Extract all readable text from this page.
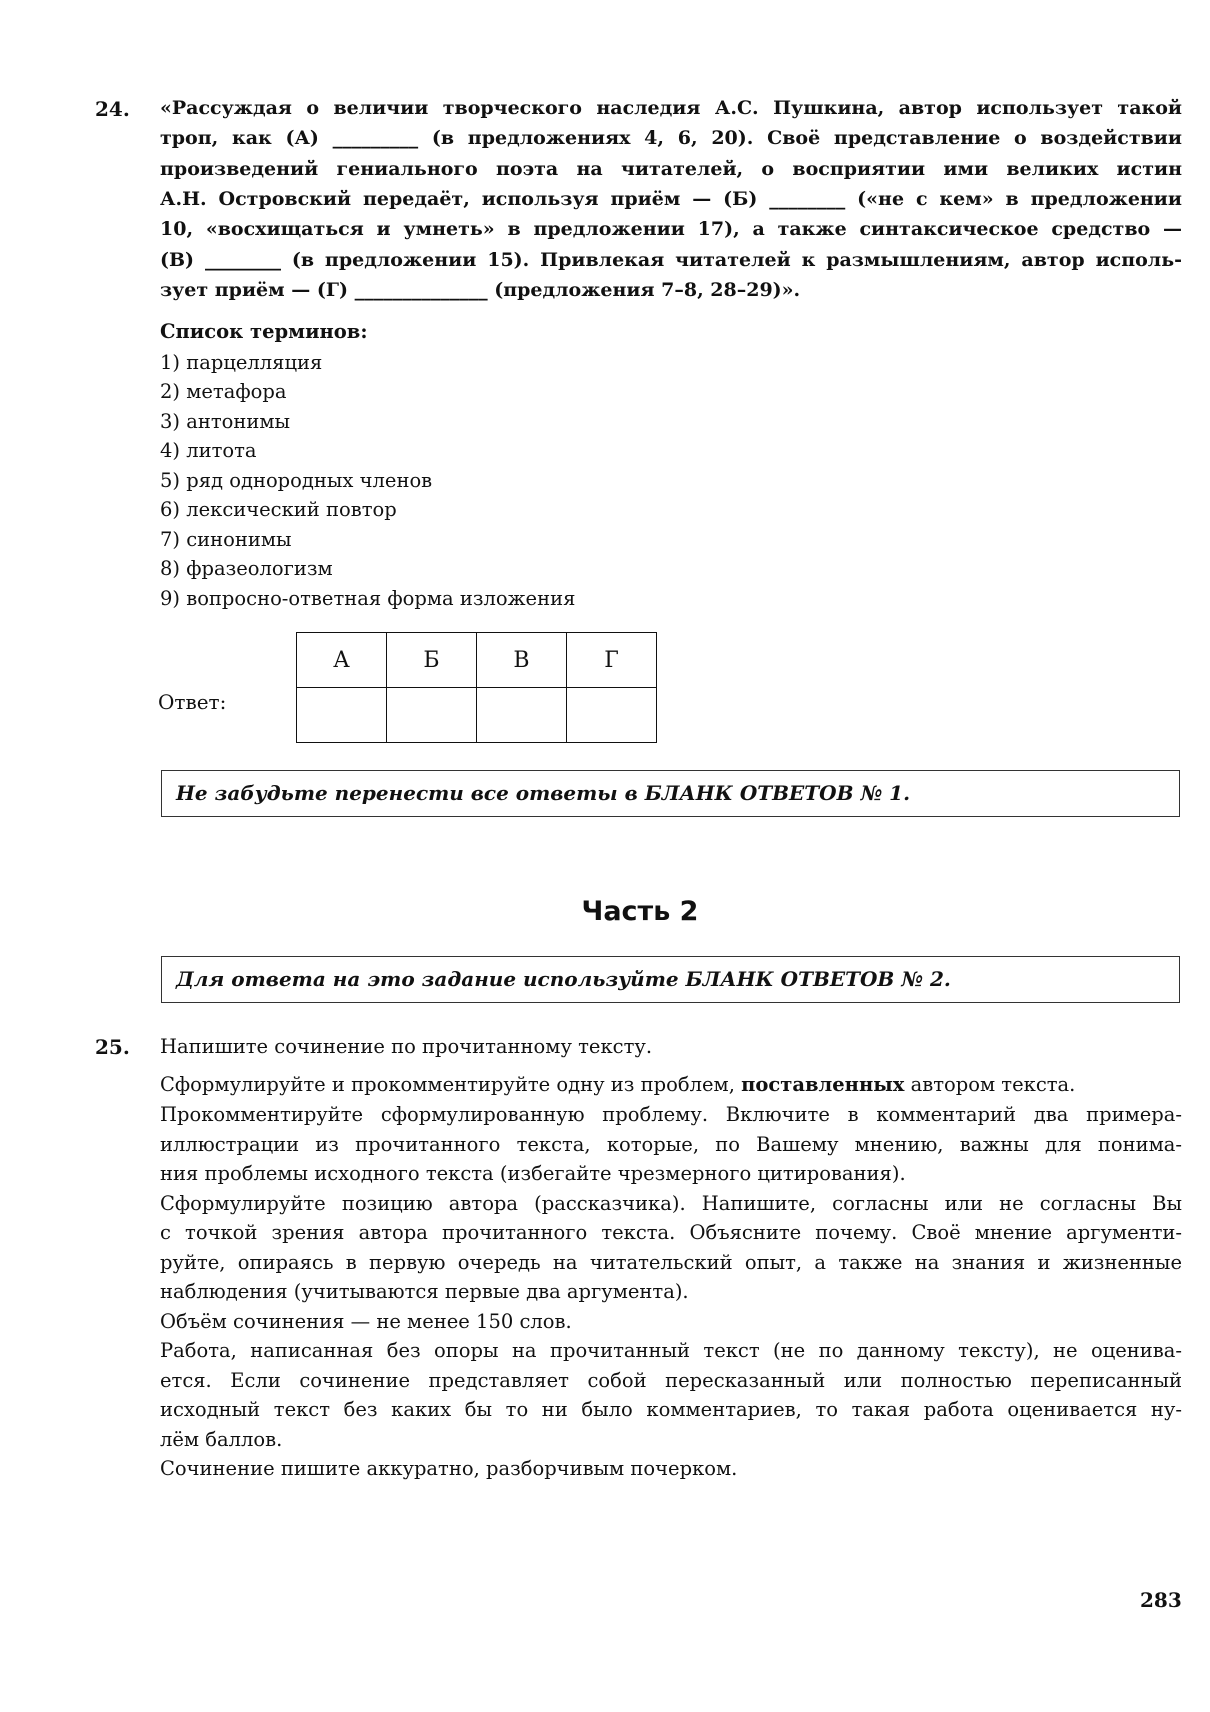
24. «Рассуждая о величии творческого наследия А.С. Пушкина, автор использует такой
троп, как (А) _________ (в предложениях 4, 6, 20). Своё представление о воздействии
произведений гениального поэта на читателей, о восприятии ими великих истин
А.Н. Островский передаёт, используя приём — (Б) ________ («не с кем» в предложении
10, «восхищаться и умнеть» в предложении 17), а также синтаксическое средство —
(В) ________ (в предложении 15). Привлекая читателей к размышлениям, автор исполь-
зует приём — (Г) ______________ (предложения 7–8, 28–29)».
Список терминов:
1) парцелляция
2) метафора
3) антонимы
4) литота
5) ряд однородных членов
6) лексический повтор
7) синонимы
8) фразеологизм
9) вопросно-ответная форма изложения
Ответ:
А	Б	В	Г

Не забудьте перенести все ответы в БЛАНК ОТВЕТОВ № 1.
Часть 2
Для ответа на это задание используйте БЛАНК ОТВЕТОВ № 2.
25. Напишите сочинение по прочитанному тексту.
Сформулируйте и прокомментируйте одну из проблем, поставленных автором текста.
Прокомментируйте сформулированную проблему. Включите в комментарий два примера-
иллюстрации из прочитанного текста, которые, по Вашему мнению, важны для понима-
ния проблемы исходного текста (избегайте чрезмерного цитирования).
Сформулируйте позицию автора (рассказчика). Напишите, согласны или не согласны Вы
с точкой зрения автора прочитанного текста. Объясните почему. Своё мнение аргументи-
руйте, опираясь в первую очередь на читательский опыт, а также на знания и жизненные
наблюдения (учитываются первые два аргумента).
Объём сочинения — не менее 150 слов.
Работа, написанная без опоры на прочитанный текст (не по данному тексту), не оценива-
ется. Если сочинение представляет собой пересказанный или полностью переписанный
исходный текст без каких бы то ни было комментариев, то такая работа оценивается ну-
лём баллов.
Сочинение пишите аккуратно, разборчивым почерком.
283
